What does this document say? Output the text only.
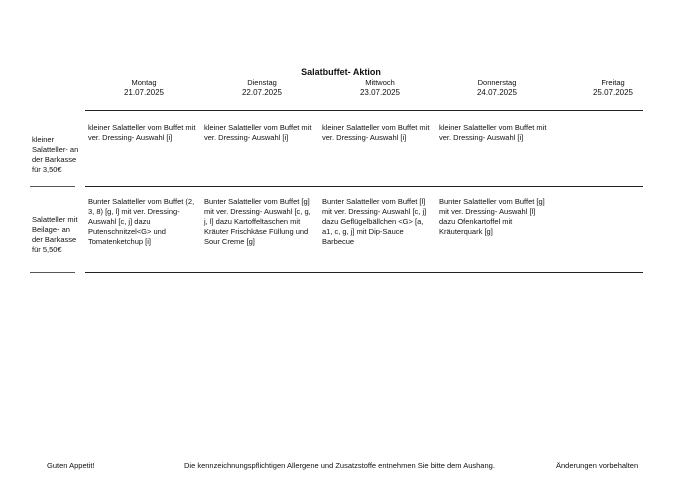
Salatbuffet- Aktion
Montag
21.07.2025
Dienstag
22.07.2025
Mittwoch
23.07.2025
Donnerstag
24.07.2025
Freitag
25.07.2025
kleiner Salatteller- an der Barkasse für 3,50€
kleiner Salatteller vom Buffet mit ver. Dressing- Auswahl [i]
kleiner Salatteller vom Buffet mit ver. Dressing- Auswahl [i]
kleiner Salatteller vom Buffet mit ver. Dressing- Auswahl [i]
kleiner Salatteller vom Buffet mit ver. Dressing- Auswahl [i]
Salatteller mit Beilage- an der Barkasse für 5,50€
Bunter Salatteller vom Buffet (2, 3, 8) [g, l] mit ver. Dressing- Auswahl [c, j] dazu Putenschnitzel<G> und Tomatenketchup [i]
Bunter Salatteller vom Buffet [g] mit ver. Dressing- Auswahl [c, g, j, l] dazu Kartoffeltaschen mit Kräuter Frischkäse Füllung und Sour Creme [g]
Bunter Salatteller vom Buffet [l] mit ver. Dressing- Auswahl [c, j] dazu Geflügelbällchen <G> [a, a1, c, g, j] mit Dip-Sauce Barbecue
Bunter Salatteller vom Buffet [g] mit ver. Dressing- Auswahl [l] dazu Ofenkartoffel mit Kräuterquark [g]
Guten Appetit!	Die kennzeichnungspflichtigen Allergene und Zusatzstoffe entnehmen Sie bitte dem Aushang.	Änderungen vorbehalten
